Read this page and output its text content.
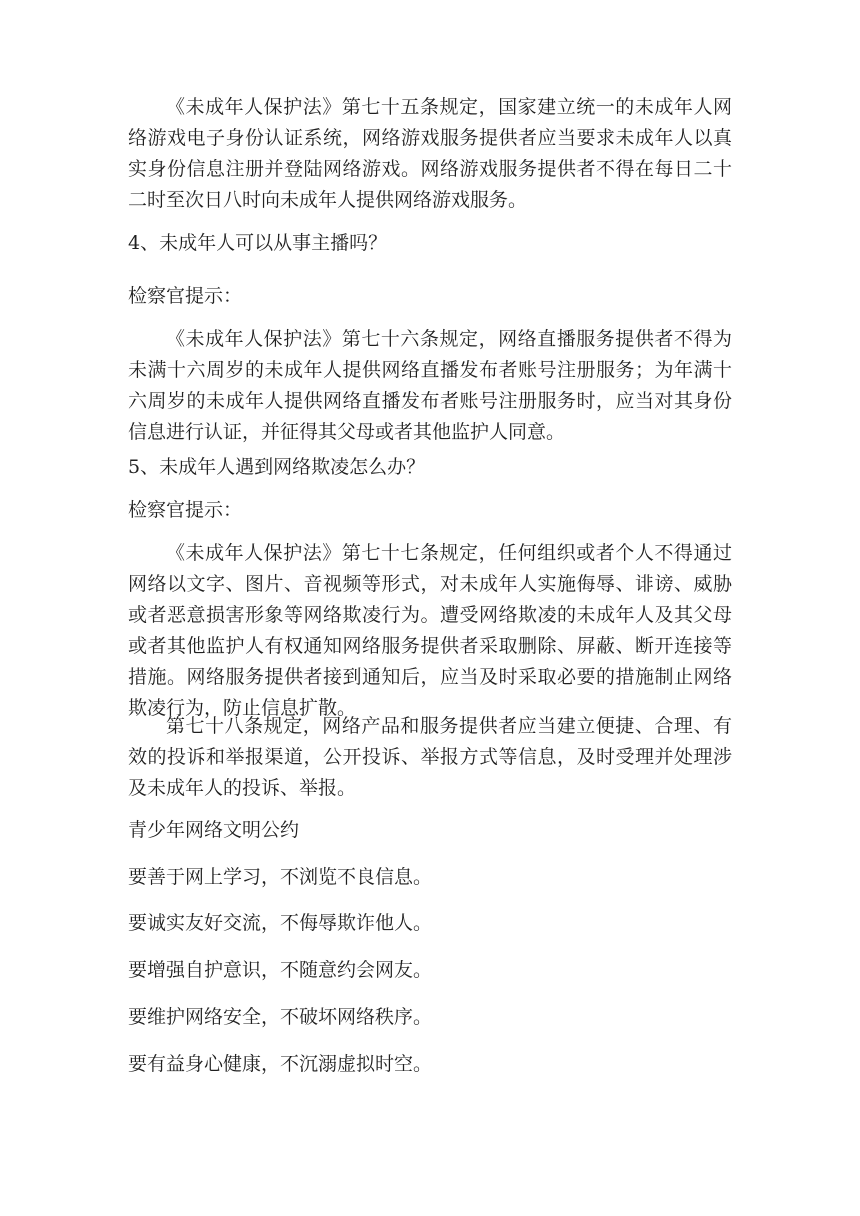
《未成年人保护法》第七十五条规定，国家建立统一的未成年人网络游戏电子身份认证系统，网络游戏服务提供者应当要求未成年人以真实身份信息注册并登陆网络游戏。网络游戏服务提供者不得在每日二十二时至次日八时向未成年人提供网络游戏服务。

4、未成年人可以从事主播吗？

检察官提示：

《未成年人保护法》第七十六条规定，网络直播服务提供者不得为未满十六周岁的未成年人提供网络直播发布者账号注册服务；为年满十六周岁的未成年人提供网络直播发布者账号注册服务时，应当对其身份信息进行认证，并征得其父母或者其他监护人同意。

5、未成年人遇到网络欺凌怎么办？

检察官提示：

《未成年人保护法》第七十七条规定，任何组织或者个人不得通过网络以文字、图片、音视频等形式，对未成年人实施侮辱、诽谤、威胁或者恶意损害形象等网络欺凌行为。遭受网络欺凌的未成年人及其父母或者其他监护人有权通知网络服务提供者采取删除、屏蔽、断开连接等措施。网络服务提供者接到通知后，应当及时采取必要的措施制止网络欺凌行为，防止信息扩散。

第七十八条规定，网络产品和服务提供者应当建立便捷、合理、有效的投诉和举报渠道，公开投诉、举报方式等信息，及时受理并处理涉及未成年人的投诉、举报。

青少年网络文明公约

要善于网上学习，不浏览不良信息。

要诚实友好交流，不侮辱欺诈他人。

要增强自护意识，不随意约会网友。

要维护网络安全，不破坏网络秩序。

要有益身心健康，不沉溺虚拟时空。
